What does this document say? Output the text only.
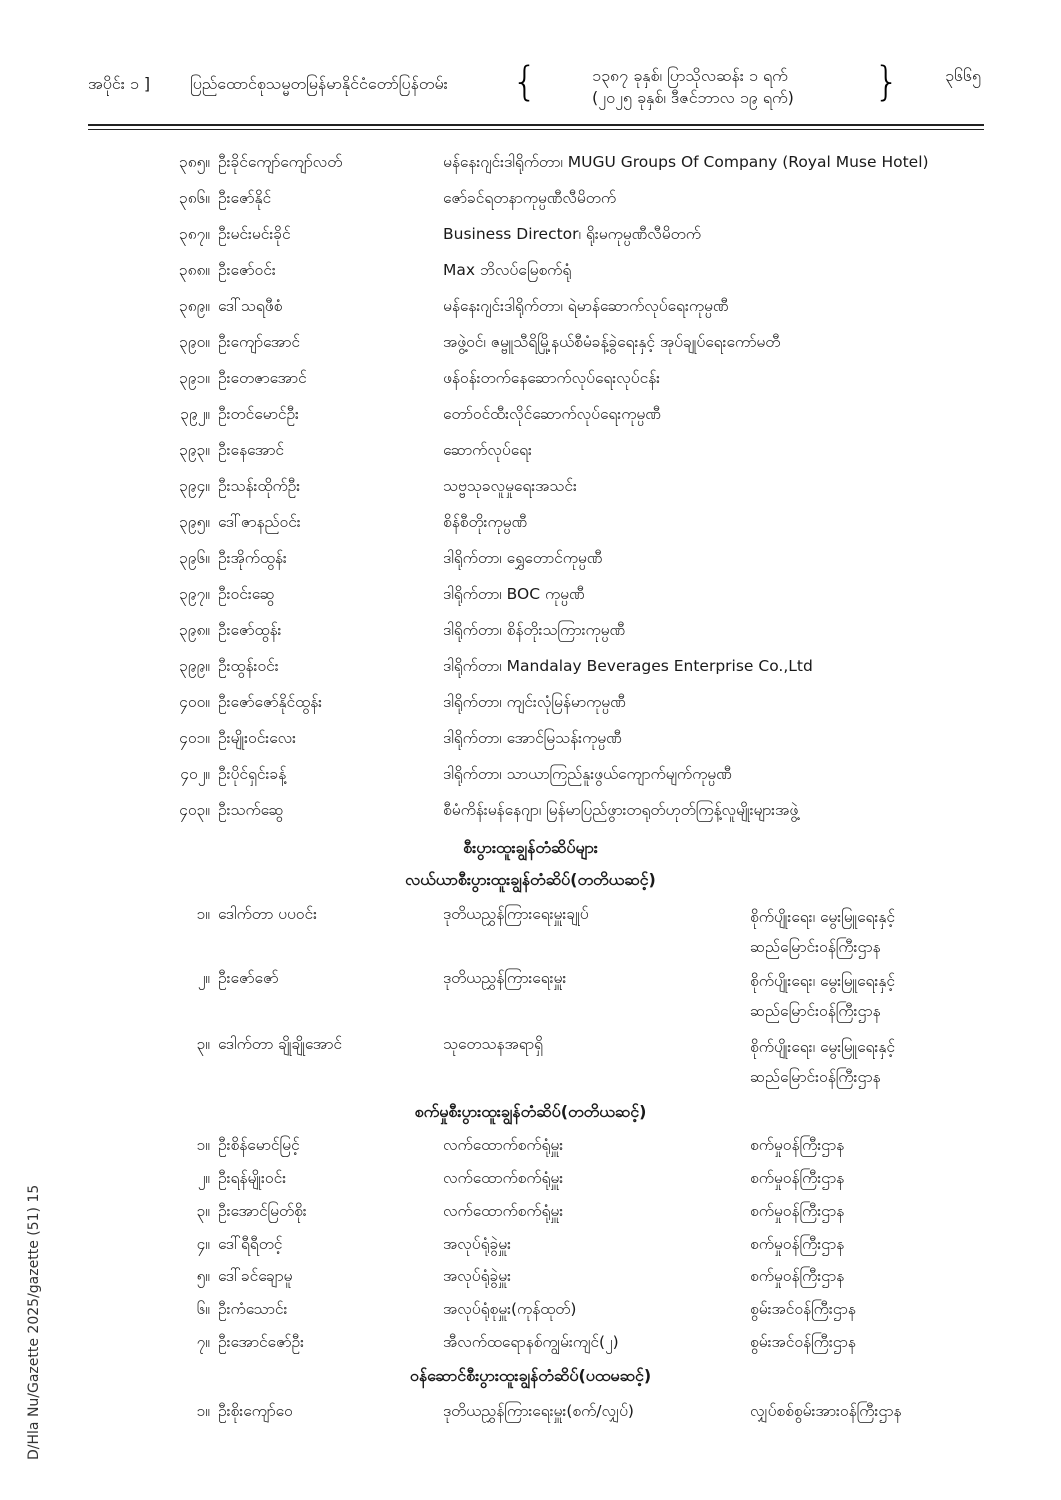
အပိုင်း ၁ ] ပြည်ထောင်စုသမ္မတမြန်မာနိုင်ငံတော်ပြန်တမ်း {	၁၃၈၇ ခုနှစ်၊ ပြာသိုလဆန်း ၁ ရက်
(၂၀၂၅ ခုနှစ်၊ ဒီဇင်ဘာလ ၁၉ ရက်) }	၃၆၆၅
၃၈၅။ ဦးခိုင်ကျော်ကျော်လတ်	မန်နေးဂျင်းဒါရိုက်တာ၊ MUGU Groups Of Company (Royal Muse Hotel)
၃၈၆။ ဦးဇော်နိုင်	ဇော်ခင်ရတနာကုမ္ပဏီလီမိတက်
၃၈၇။ ဦးမင်းမင်းခိုင်	Business Director၊ ရိုးမကုမ္ပဏီလီမိတက်
၃၈၈။ ဦးဇော်ဝင်း	Max ဘိလပ်မြေစက်ရုံ
၃၈၉။ ဒေါ်သရဖီစံ	မန်နေးဂျင်းဒါရိုက်တာ၊ ရဲမာန်ဆောက်လုပ်ရေးကုမ္ပဏီ
၃၉၀။ ဦးကျော်အောင်	အဖွဲ့ဝင်၊ ဇမ္ဗူသီရိမြို့နယ်စီမံခန့်ခွဲရေးနှင့် အုပ်ချုပ်ရေးကော်မတီ
၃၉၁။ ဦးတေဇာအောင်	ဖန်ဝန်းတက်နေဆောက်လုပ်ရေးလုပ်ငန်း
၃၉၂။ ဦးတင်မောင်ဦး	တော်ဝင်ထီးလိုင်ဆောက်လုပ်ရေးကုမ္ပဏီ
၃၉၃။ ဦးနေအောင်	ဆောက်လုပ်ရေး
၃၉၄။ ဦးသန်းထိုက်ဦး	သဗ္ဗသုခလူမှုရေးအသင်း
၃၉၅။ ဒေါ်ဇာနည်ဝင်း	စိန်စီတိုးကုမ္ပဏီ
၃၉၆။ ဦးအိုက်ထွန်း	ဒါရိုက်တာ၊ ရွှေတောင်ကုမ္ပဏီ
၃၉၇။ ဦးဝင်းဆွေ	ဒါရိုက်တာ၊ BOC ကုမ္ပဏီ
၃၉၈။ ဦးဇော်ထွန်း	ဒါရိုက်တာ၊ စိန်တိုးသကြားကုမ္ပဏီ
၃၉၉။ ဦးထွန်းဝင်း	ဒါရိုက်တာ၊ Mandalay Beverages Enterprise Co.,Ltd
၄၀၀။ ဦးဇော်ဇော်နိုင်ထွန်း	ဒါရိုက်တာ၊ ကျင်းလုံမြန်မာကုမ္ပဏီ
၄၀၁။ ဦးမျိုးဝင်းလေး	ဒါရိုက်တာ၊ အောင်မြသန်းကုမ္ပဏီ
၄၀၂။ ဦးပိုင်ရှင်းခန့်	ဒါရိုက်တာ၊ သာယာကြည်နူးဖွယ်ကျောက်မျက်ကုမ္ပဏီ
၄၀၃။ ဦးသက်ဆွေ	စီမံကိန်းမန်နေဂျာ၊ မြန်မာပြည်ဖွားတရုတ်ဟုတ်ကြန့်လူမျိုးများအဖွဲ့
စီးပွားထူးချွန်တံဆိပ်များ
လယ်ယာစီးပွားထူးချွန်တံဆိပ်(တတိယဆင့်)
၁။ ဒေါက်တာ ပပဝင်း	ဒုတိယညွှန်ကြားရေးမှူးချုပ်	စိုက်ပျိုးရေး၊ မွေးမြူရေးနှင့်
ဆည်မြောင်းဝန်ကြီးဌာန
၂။ ဦးဇော်ဇော်	ဒုတိယညွှန်ကြားရေးမှူး	စိုက်ပျိုးရေး၊ မွေးမြူရေးနှင့်
ဆည်မြောင်းဝန်ကြီးဌာန
၃။ ဒေါက်တာ ချိုချိုအောင်	သုတေသနအရာရှိ	စိုက်ပျိုးရေး၊ မွေးမြူရေးနှင့်
ဆည်မြောင်းဝန်ကြီးဌာန
စက်မှုစီးပွားထူးချွန်တံဆိပ်(တတိယဆင့်)
၁။ ဦးစိန်မောင်မြင့်	လက်ထောက်စက်ရုံမှူး	စက်မှုဝန်ကြီးဌာန
၂။ ဦးရန်မျိုးဝင်း	လက်ထောက်စက်ရုံမှူး	စက်မှုဝန်ကြီးဌာန
၃။ ဦးအောင်မြတ်စိုး	လက်ထောက်စက်ရုံမှူး	စက်မှုဝန်ကြီးဌာန
၄။ ဒေါ်ရီရီတင့်	အလုပ်ရုံခွဲမှူး	စက်မှုဝန်ကြီးဌာန
၅။ ဒေါ်ခင်ချောမူ	အလုပ်ရုံခွဲမှူး	စက်မှုဝန်ကြီးဌာန
၆။ ဦးကံသောင်း	အလုပ်ရုံစုမှူး(ကုန်ထုတ်)	စွမ်းအင်ဝန်ကြီးဌာန
၇။ ဦးအောင်ဇော်ဦး	အီလက်ထရောနစ်ကျွမ်းကျင်(၂)	စွမ်းအင်ဝန်ကြီးဌာန
ဝန်ဆောင်စီးပွားထူးချွန်တံဆိပ်(ပထမဆင့်)
၁။ ဦးစိုးကျော်ဝေ	ဒုတိယညွှန်ကြားရေးမှူး(စက်/လျှပ်)	လျှပ်စစ်စွမ်းအားဝန်ကြီးဌာန
D/Hla Nu/Gazette 2025/gazette (51) 15
